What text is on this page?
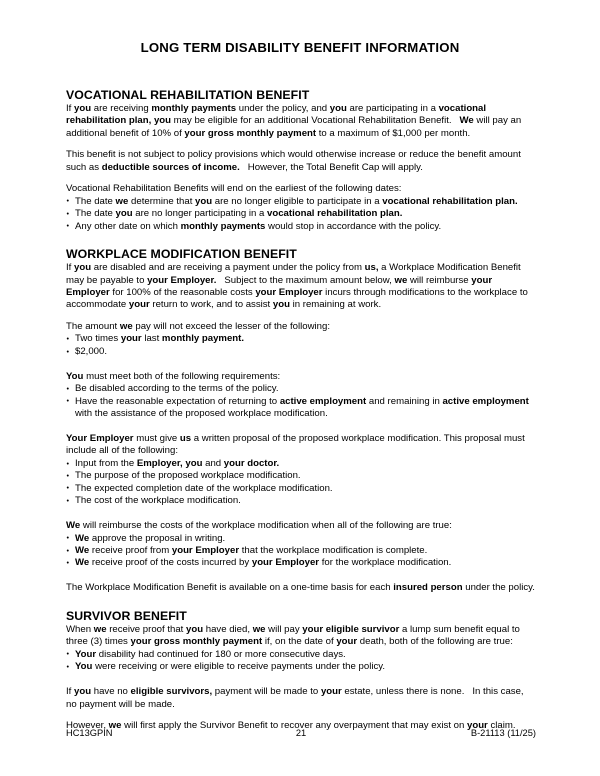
LONG TERM DISABILITY BENEFIT INFORMATION
VOCATIONAL REHABILITATION BENEFIT

If you are receiving monthly payments under the policy, and you are participating in a vocational rehabilitation plan, you may be eligible for an additional Vocational Rehabilitation Benefit.   We will pay an additional benefit of 10% of your gross monthly payment to a maximum of $1,000 per month.

This benefit is not subject to policy provisions which would otherwise increase or reduce the benefit amount such as deductible sources of income.   However, the Total Benefit Cap will apply.

Vocational Rehabilitation Benefits will end on the earliest of the following dates:

• The date we determine that you are no longer eligible to participate in a vocational rehabilitation plan.
• The date you are no longer participating in a vocational rehabilitation plan.
• Any other date on which monthly payments would stop in accordance with the policy.
WORKPLACE MODIFICATION BENEFIT

If you are disabled and are receiving a payment under the policy from us, a Workplace Modification Benefit may be payable to your Employer.   Subject to the maximum amount below, we will reimburse your Employer for 100% of the reasonable costs your Employer incurs through modifications to the workplace to accommodate your return to work, and to assist you in remaining at work.

The amount we pay will not exceed the lesser of the following:

• Two times your last monthly payment.
• $2,000.

You must meet both of the following requirements:

• Be disabled according to the terms of the policy.
• Have the reasonable expectation of returning to active employment and remaining in active employment with the assistance of the proposed workplace modification.

Your Employer must give us a written proposal of the proposed workplace modification. This proposal must include all of the following:

• Input from the Employer, you and your doctor.
• The purpose of the proposed workplace modification.
• The expected completion date of the workplace modification.
• The cost of the workplace modification.

We will reimburse the costs of the workplace modification when all of the following are true:

• We approve the proposal in writing.
• We receive proof from your Employer that the workplace modification is complete.
• We receive proof of the costs incurred by your Employer for the workplace modification.

The Workplace Modification Benefit is available on a one-time basis for each insured person under the policy.

SURVIVOR BENEFIT

When we receive proof that you have died, we will pay your eligible survivor a lump sum benefit equal to three (3) times your gross monthly payment if, on the date of your death, both of the following are true:

• Your disability had continued for 180 or more consecutive days.
• You were receiving or were eligible to receive payments under the policy.

If you have no eligible survivors, payment will be made to your estate, unless there is none.   In this case, no payment will be made.

However, we will first apply the Survivor Benefit to recover any overpayment that may exist on your claim.

HC13GPIN	21	B-21113 (11/25)
